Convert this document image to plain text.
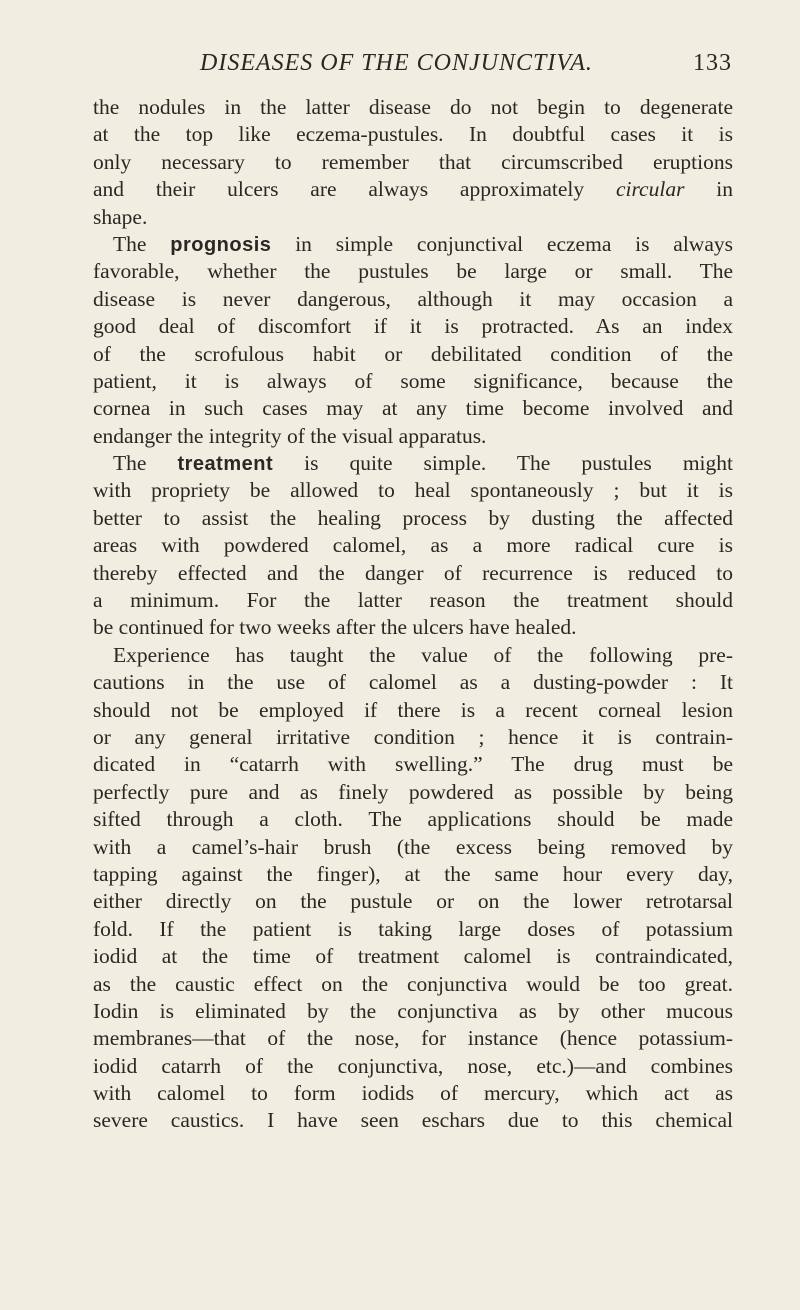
DISEASES OF THE CONJUNCTIVA.	133
the nodules in the latter disease do not begin to degenerate
at the top like eczema-pustules. In doubtful cases it is
only necessary to remember that circumscribed eruptions
and their ulcers are always approximately circular in
shape.
The prognosis in simple conjunctival eczema is always
favorable, whether the pustules be large or small. The
disease is never dangerous, although it may occasion a
good deal of discomfort if it is protracted. As an index
of the scrofulous habit or debilitated condition of the
patient, it is always of some significance, because the
cornea in such cases may at any time become involved and
endanger the integrity of the visual apparatus.
The treatment is quite simple. The pustules might
with propriety be allowed to heal spontaneously ; but it is
better to assist the healing process by dusting the affected
areas with powdered calomel, as a more radical cure is
thereby effected and the danger of recurrence is reduced to
a minimum. For the latter reason the treatment should
be continued for two weeks after the ulcers have healed.
Experience has taught the value of the following pre-
cautions in the use of calomel as a dusting-powder : It
should not be employed if there is a recent corneal lesion
or any general irritative condition ; hence it is contrain-
dicated in “catarrh with swelling.” The drug must be
perfectly pure and as finely powdered as possible by being
sifted through a cloth. The applications should be made
with a camel’s-hair brush (the excess being removed by
tapping against the finger), at the same hour every day,
either directly on the pustule or on the lower retrotarsal
fold. If the patient is taking large doses of potassium
iodid at the time of treatment calomel is contraindicated,
as the caustic effect on the conjunctiva would be too great.
Iodin is eliminated by the conjunctiva as by other mucous
membranes—that of the nose, for instance (hence potassium-
iodid catarrh of the conjunctiva, nose, etc.)—and combines
with calomel to form iodids of mercury, which act as
severe caustics. I have seen eschars due to this chemical
